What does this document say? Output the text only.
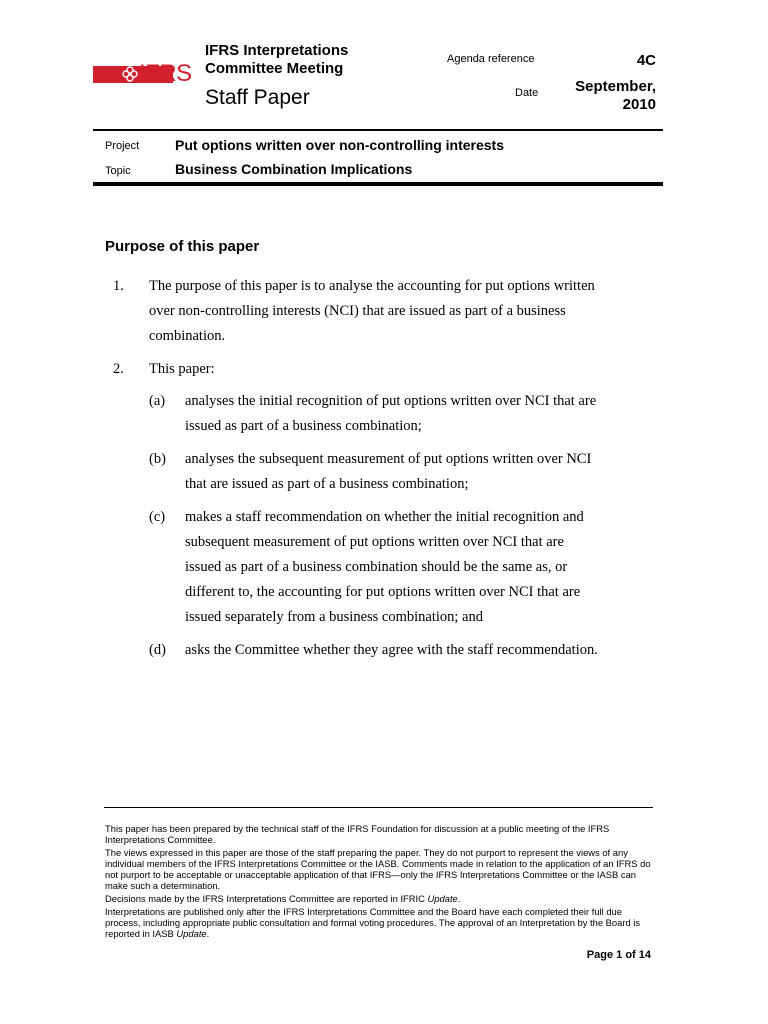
IFRS
IFRS Interpretations
Committee Meeting
Staff Paper
Agenda reference	4C
Date September,
2010
Project	Put options written over non-controlling interests
Topic	Business Combination Implications
Purpose of this paper
1. The purpose of this paper is to analyse the accounting for put options written
over non-controlling interests (NCI) that are issued as part of a business
combination.
2. This paper:
(a) analyses the initial recognition of put options written over NCI that are
issued as part of a business combination;
(b) analyses the subsequent measurement of put options written over NCI
that are issued as part of a business combination;
(c) makes a staff recommendation on whether the initial recognition and
subsequent measurement of put options written over NCI that are
issued as part of a business combination should be the same as, or
different to, the accounting for put options written over NCI that are
issued separately from a business combination; and
(d) asks the Committee whether they agree with the staff recommendation.

This paper has been prepared by the technical staff of the IFRS Foundation for discussion at a public meeting of the IFRS Interpretations Committee.

The views expressed in this paper are those of the staff preparing the paper. They do not purport to represent the views of any individual members of the IFRS Interpretations Committee or the IASB. Comments made in relation to the application of an IFRS do not purport to be acceptable or unacceptable application of that IFRS—only the IFRS Interpretations Committee or the IASB can make such a determination.

Decisions made by the IFRS Interpretations Committee are reported in IFRIC Update.

Interpretations are published only after the IFRS Interpretations Committee and the Board have each completed their full due process, including appropriate public consultation and formal voting procedures. The approval of an Interpretation by the Board is reported in IASB Update.

Page 1 of 14
